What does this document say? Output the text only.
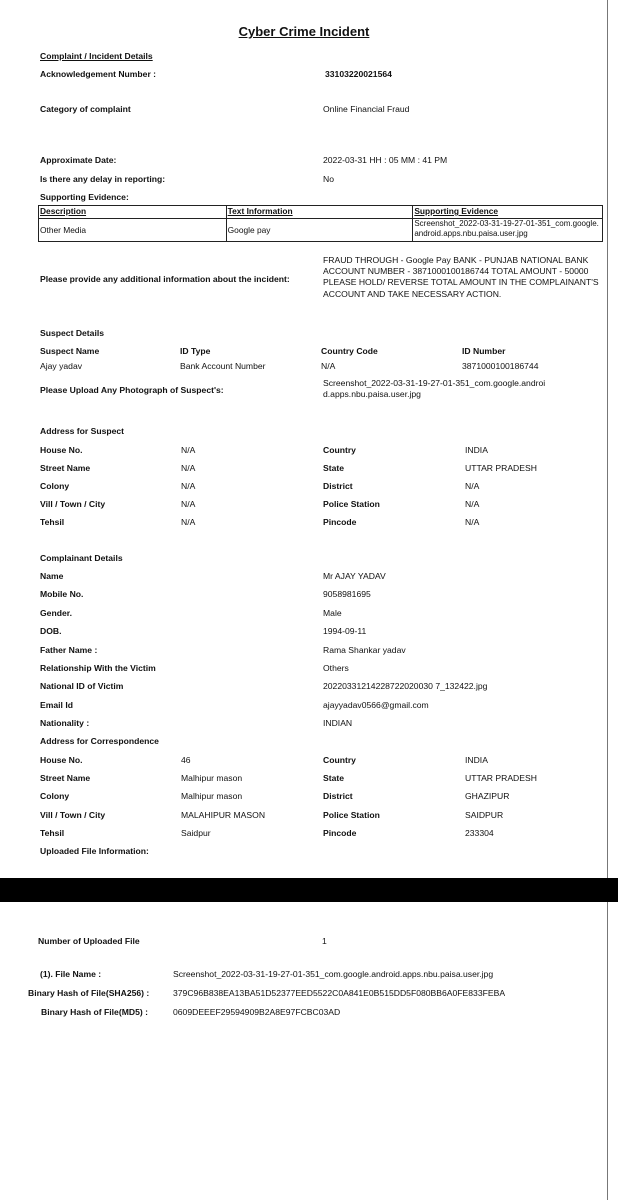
Cyber Crime Incident
Complaint / Incident Details
Acknowledgement Number :	33103220021564
Category of complaint	Online Financial Fraud
Approximate Date:	2022-03-31 HH : 05 MM : 41 PM
Is there any delay in reporting:	No
Supporting Evidence:
Description	Text Information	Supporting Evidence
Other Media	Google pay	Screenshot_2022-03-31-19-27-01-351_com.google.android.apps.nbu.paisa.user.jpg
Please provide any additional information about the incident:
FRAUD THROUGH - Google Pay BANK - PUNJAB NATIONAL BANK ACCOUNT NUMBER - 3871000100186744 TOTAL AMOUNT - 50000 PLEASE HOLD/ REVERSE TOTAL AMOUNT IN THE COMPLAINANT'S ACCOUNT AND TAKE NECESSARY ACTION.
Suspect Details
Suspect Name	ID Type	Country Code	ID Number
Ajay yadav	Bank Account Number	N/A	3871000100186744
Please Upload Any Photograph of Suspect's:
Screenshot_2022-03-31-19-27-01-351_com.google.android.apps.nbu.paisa.user.jpg
Address for Suspect
House No.	N/A	Country	INDIA
Street Name	N/A	State	UTTAR PRADESH
Colony	N/A	District	N/A
Vill / Town / City	N/A	Police Station	N/A
Tehsil	N/A	Pincode	N/A
Complainant Details
Name	Mr AJAY YADAV
Mobile No.	9058981695
Gender.	Male
DOB.	1994-09-11
Father Name :	Rama Shankar yadav
Relationship With the Victim	Others
National ID of Victim	20220331214228722020030 7_132422.jpg
Email Id	ajayyadav0566@gmail.com
Nationality :	INDIAN
Address for Correspondence
House No.	46	Country	INDIA
Street Name	Malhipur mason	State	UTTAR PRADESH
Colony	Malhipur mason	District	GHAZIPUR
Vill / Town / City	MALAHIPUR MASON	Police Station	SAIDPUR
Tehsil	Saidpur	Pincode	233304
Uploaded File Information:
Number of Uploaded File	1
(1). File Name :	Screenshot_2022-03-31-19-27-01-351_com.google.android.apps.nbu.paisa.user.jpg
Binary Hash of File(SHA256) :	379C96B838EA13BA51D52377EED5522C0A841E0B515DD5F080BB6A0FE833FEBA
Binary Hash of File(MD5) :	0609DEEEF29594909B2A8E97FCBC03AD
